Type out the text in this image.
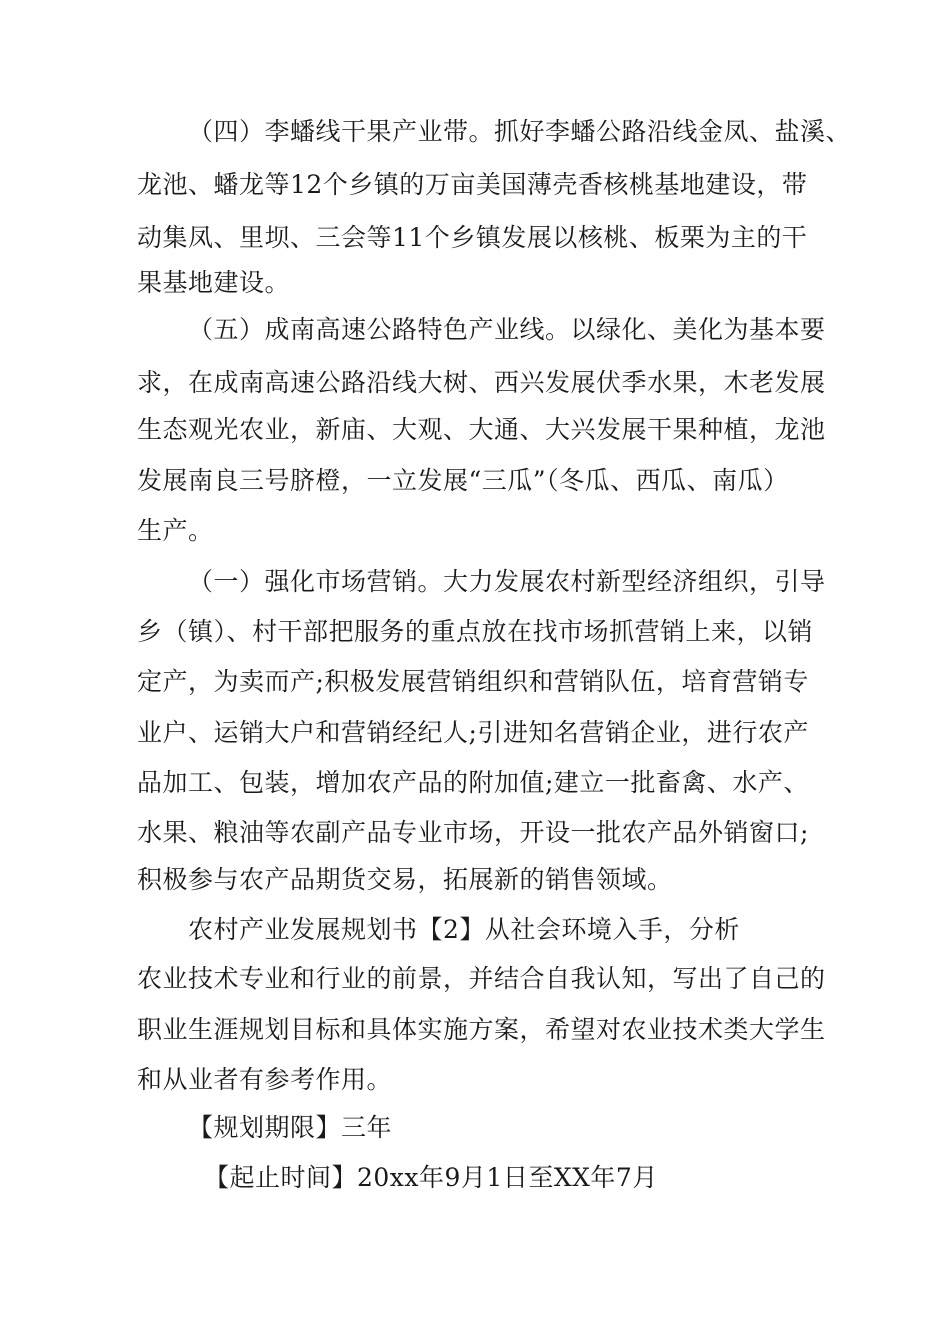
（四）李蟠线干果产业带。抓好李蟠公路沿线金凤、盐溪、
龙池、蟠龙等12个乡镇的万亩美国薄壳香核桃基地建设，带
动集凤、里坝、三会等11个乡镇发展以核桃、板栗为主的干
果基地建设。
（五）成南高速公路特色产业线。以绿化、美化为基本要
求，在成南高速公路沿线大树、西兴发展伏季水果，木老发展
生态观光农业，新庙、大观、大通、大兴发展干果种植，龙池
发展南良三号脐橙，一立发展“三瓜”（冬瓜、西瓜、南瓜）
生产。
（一）强化市场营销。大力发展农村新型经济组织，引导
乡（镇）、村干部把服务的重点放在找市场抓营销上来，以销
定产，为卖而产;积极发展营销组织和营销队伍，培育营销专
业户、运销大户和营销经纪人;引进知名营销企业，进行农产
品加工、包装，增加农产品的附加值;建立一批畜禽、水产、
水果、粮油等农副产品专业市场，开设一批农产品外销窗口;
积极参与农产品期货交易，拓展新的销售领域。
农村产业发展规划书【2】从社会环境入手，分析
农业技术专业和行业的前景，并结合自我认知，写出了自己的
职业生涯规划目标和具体实施方案，希望对农业技术类大学生
和从业者有参考作用。
【规划期限】三年
【起止时间】20xx年9月1日至XX年7月
